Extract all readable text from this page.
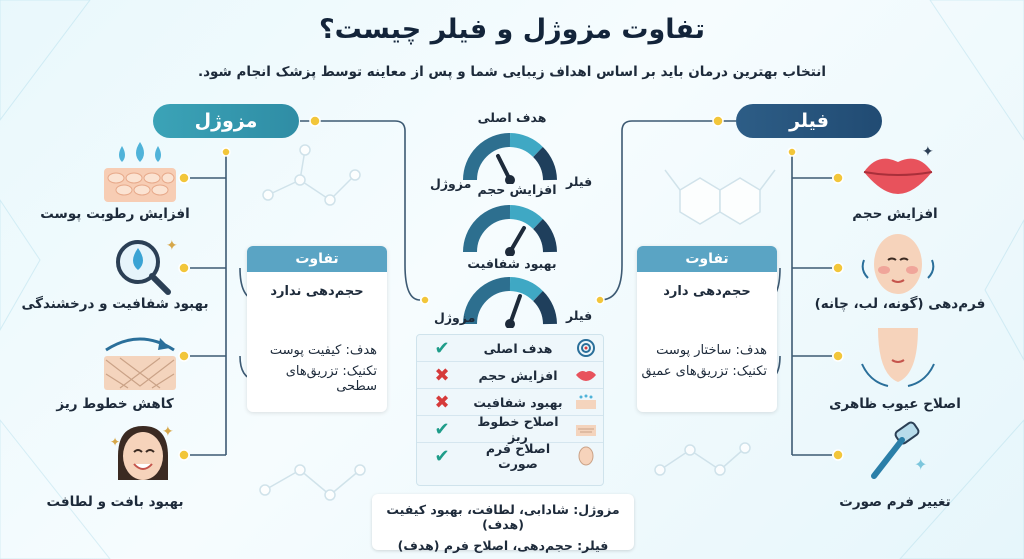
تفاوت مزوژل و فیلر چیست؟
انتخاب بهترین درمان باید بر اساس اهداف زیبایی شما و پس از معاینه توسط پزشک انجام شود.
مزوژل	فیلر
افزایش رطوبت پوست
✦
بهبود شفافیت و درخشندگی
کاهش خطوط ریز
✦
✦
بهبود بافت و لطافت
✦
افزایش حجم
فرم‌دهی (گونه، لب، چانه)
اصلاح عیوب ظاهری
✦
تغییر فرم صورت
تفاوت
حجم‌دهی ندارد
هدف: کیفیت پوست
تکنیک: تزریق‌های سطحی
تفاوت
حجم‌دهی دارد
هدف: ساختار پوست
تکنیک: تزریق‌های عمیق
هدف اصلی
مزوژل	فیلر
افزایش حجم
بهبود شفافیت
مزوژل	فیلر
✔	هدف اصلی
✖	افزایش حجم
✖	بهبود شفافیت
✔	اصلاح خطوط ریز
✔	اصلاح فرم صورت
مزوژل: شادابی، لطافت، بهبود کیفیت (هدف)
فیلر: حجم‌دهی، اصلاح فرم (هدف)
